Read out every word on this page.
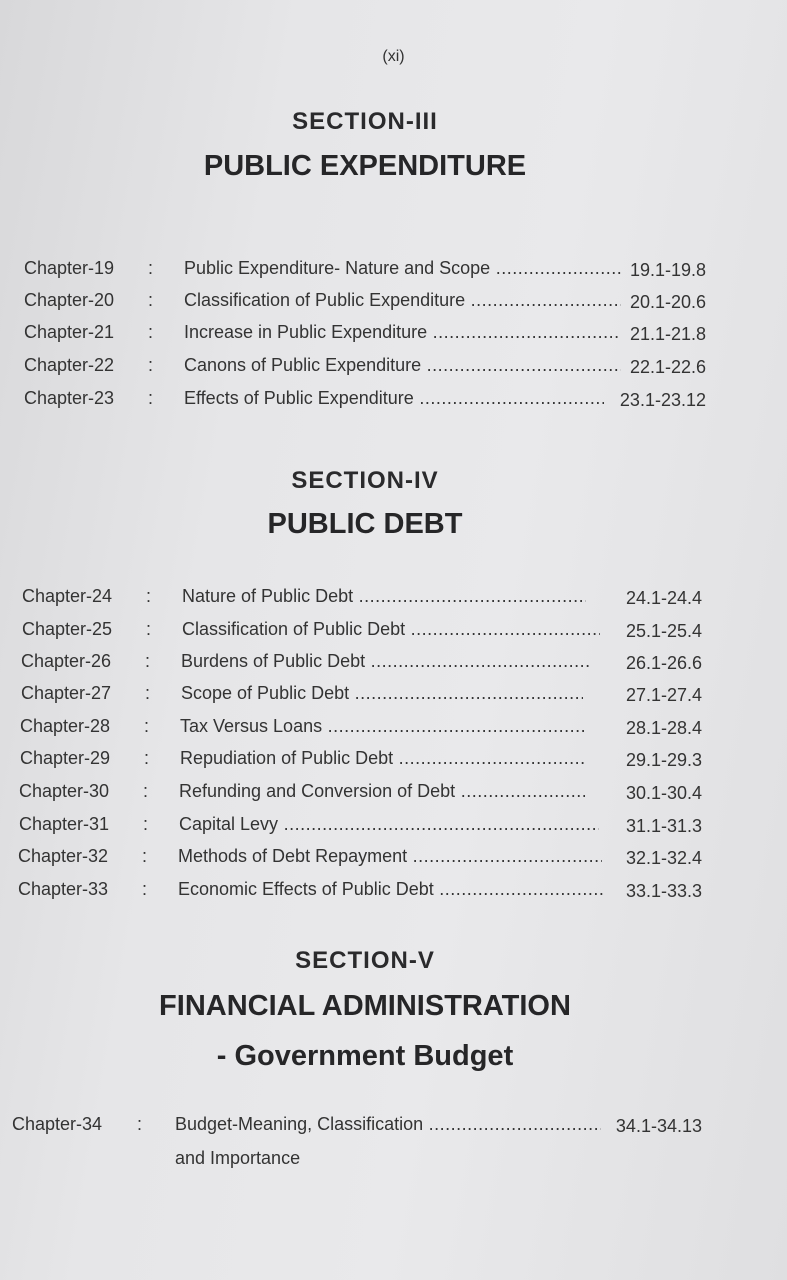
(xi)
SECTION-III
PUBLIC EXPENDITURE
Chapter-19 : Public Expenditure- Nature and Scope .....	19.1-19.8
Chapter-20 : Classification of Public Expenditure .....	20.1-20.6
Chapter-21 : Increase in Public Expenditure .....	21.1-21.8
Chapter-22 : Canons of Public Expenditure .....	22.1-22.6
Chapter-23 : Effects of Public Expenditure .....	23.1-23.12
SECTION-IV
PUBLIC DEBT
Chapter-24 : Nature of Public Debt .....	24.1-24.4
Chapter-25 : Classification of Public Debt .....	25.1-25.4
Chapter-26 : Burdens of Public Debt .....	26.1-26.6
Chapter-27 : Scope of Public Debt .....	27.1-27.4
Chapter-28 : Tax Versus Loans .....	28.1-28.4
Chapter-29 : Repudiation of Public Debt .....	29.1-29.3
Chapter-30 : Refunding and Conversion of Debt .....	30.1-30.4
Chapter-31 : Capital Levy .....	31.1-31.3
Chapter-32 : Methods of Debt Repayment .....	32.1-32.4
Chapter-33 : Economic Effects of Public Debt .....	33.1-33.3
SECTION-V
FINANCIAL ADMINISTRATION
- Government Budget
Chapter-34 : Budget-Meaning, Classification .....	34.1-34.13
and Importance
